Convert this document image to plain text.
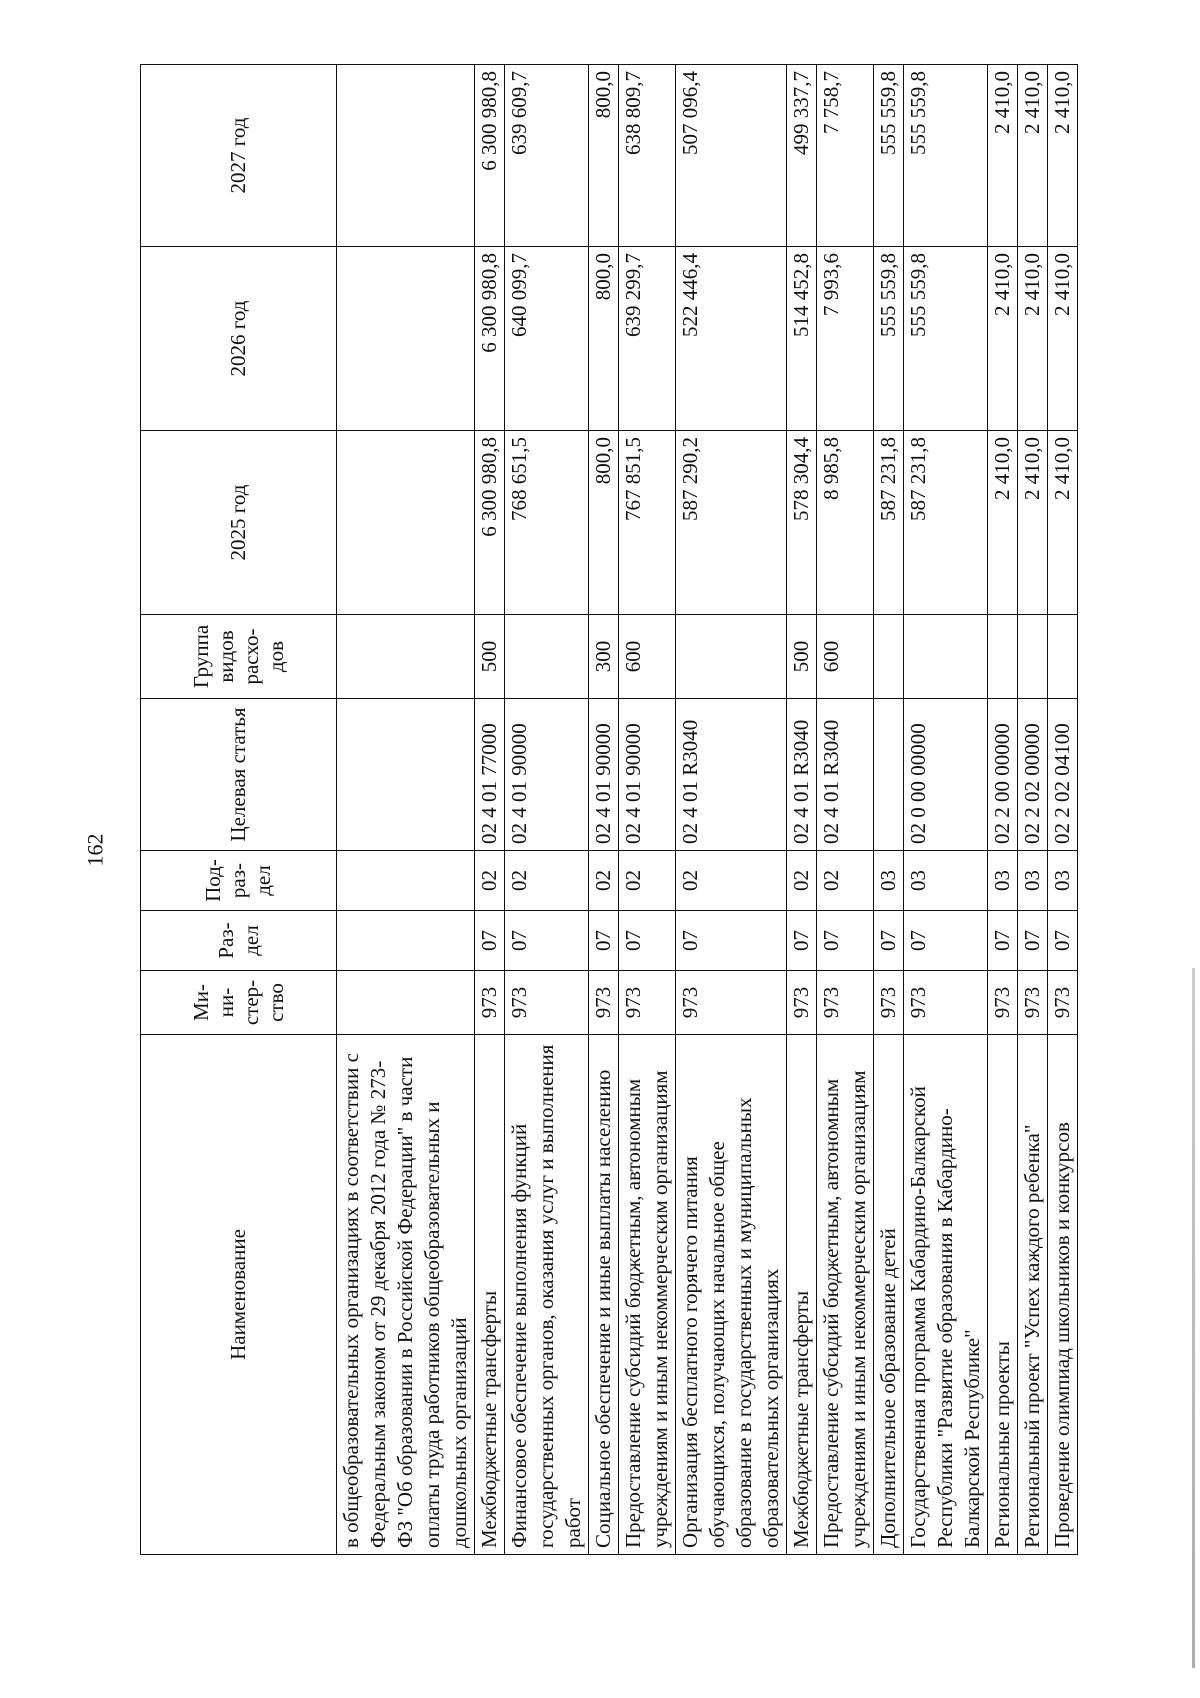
162
Наименование	Ми-ни-стер-ство	Раз-дел	Под-раз-дел	Целевая статья	Группа видов расхо-дов	2025 год	2026 год	2027 год
в общеобразовательных организациях в соответствии с Федеральным законом от 29 декабря 2012 года № 273-ФЗ "Об образовании в Российской Федерации" в части оплаты труда работников общеобразовательных и дошкольных организаций								
Межбюджетные трансферты	973	07	02	02 4 01 77000	500	6 300 980,8	6 300 980,8	6 300 980,8
Финансовое обеспечение выполнения функций государственных органов, оказания услуг и выполнения работ	973	07	02	02 4 01 90000		768 651,5	640 099,7	639 609,7
Социальное обеспечение и иные выплаты населению	973	07	02	02 4 01 90000	300	800,0	800,0	800,0
Предоставление субсидий бюджетным, автономным учреждениям и иным некоммерческим организациям	973	07	02	02 4 01 90000	600	767 851,5	639 299,7	638 809,7
Организация бесплатного горячего питания обучающихся, получающих начальное общее образование в государственных и муниципальных образовательных организациях	973	07	02	02 4 01 R3040		587 290,2	522 446,4	507 096,4
Межбюджетные трансферты	973	07	02	02 4 01 R3040	500	578 304,4	514 452,8	499 337,7
Предоставление субсидий бюджетным, автономным учреждениям и иным некоммерческим организациям	973	07	02	02 4 01 R3040	600	8 985,8	7 993,6	7 758,7
Дополнительное образование детей	973	07	03			587 231,8	555 559,8	555 559,8
Государственная программа Кабардино-Балкарской Республики "Развитие образования в Кабардино-Балкарской Республике"	973	07	03	02 0 00 00000		587 231,8	555 559,8	555 559,8
Региональные проекты	973	07	03	02 2 00 00000		2 410,0	2 410,0	2 410,0
Региональный проект "Успех каждого ребенка"	973	07	03	02 2 02 00000		2 410,0	2 410,0	2 410,0
Проведение олимпиад школьников и конкурсов	973	07	03	02 2 02 04100		2 410,0	2 410,0	2 410,0
